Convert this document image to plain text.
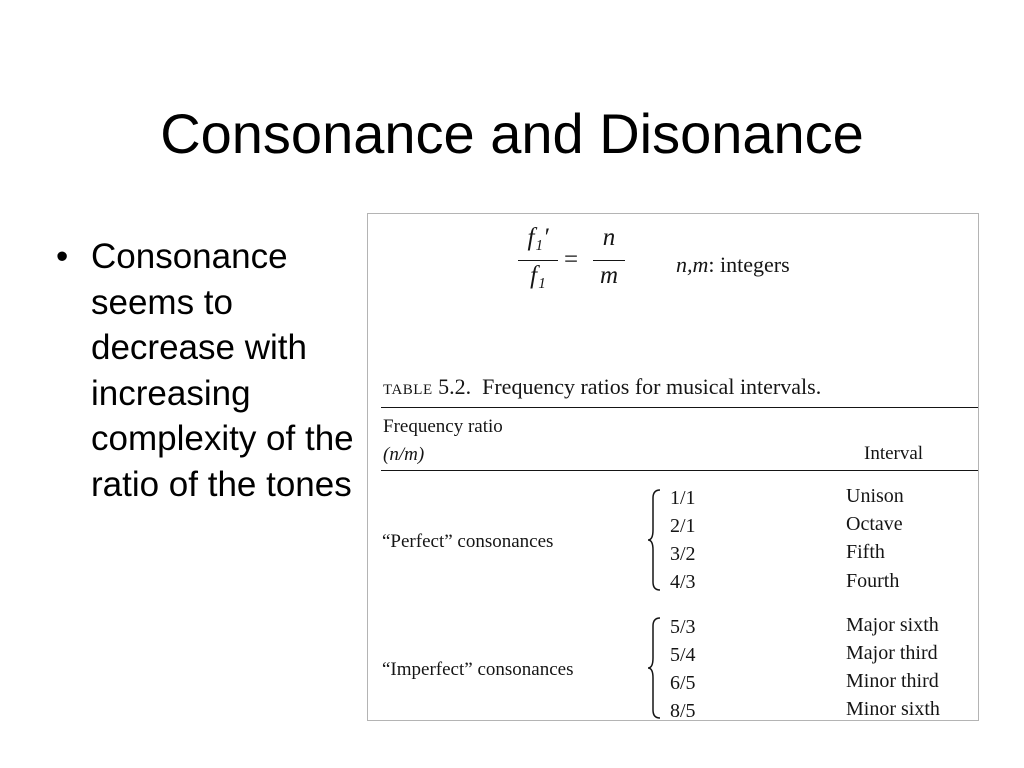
Consonance and Disonance
• Consonance seems to decrease with increasing complexity of the ratio of the tones
f₁′
f₁
=
n
m	n,m: integers
TABLE 5.2. Frequency ratios for musical intervals.
Frequency ratio
(n/m)	Interval
“Perfect” consonances
1/1
2/1
3/2
4/3
Unison
Octave
Fifth
Fourth
“Imperfect” consonances
5/3
5/4
6/5
8/5
Major sixth
Major third
Minor third
Minor sixth
